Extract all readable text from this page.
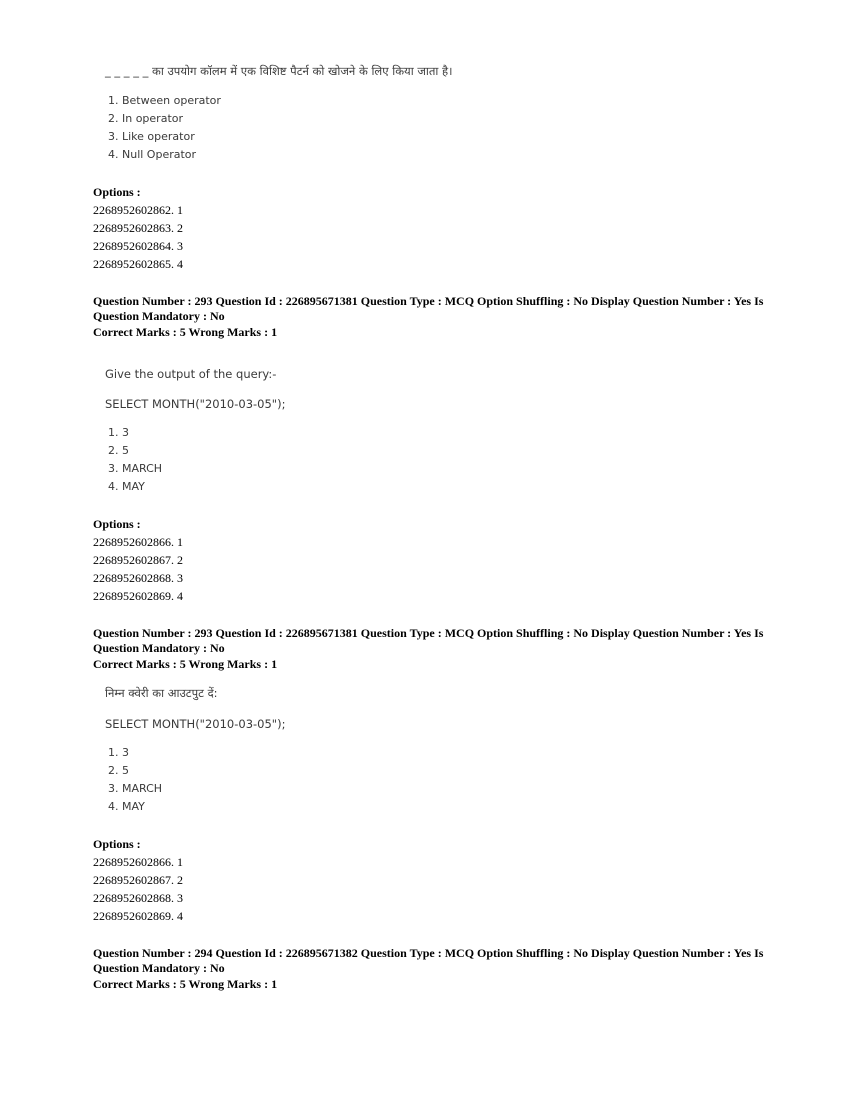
_ _ _ _ _ का उपयोग कॉलम में एक विशिष्ट पैटर्न को खोजने के लिए किया जाता है।
1. Between operator
2. In operator
3. Like operator
4. Null Operator
Options :
2268952602862. 1
2268952602863. 2
2268952602864. 3
2268952602865. 4
Question Number : 293 Question Id : 226895671381 Question Type : MCQ Option Shuffling : No Display Question Number : Yes Is Question Mandatory : No
Correct Marks : 5 Wrong Marks : 1
Give the output of the query:-
SELECT MONTH("2010-03-05");
1. 3
2. 5
3. MARCH
4. MAY
Options :
2268952602866. 1
2268952602867. 2
2268952602868. 3
2268952602869. 4
Question Number : 293 Question Id : 226895671381 Question Type : MCQ Option Shuffling : No Display Question Number : Yes Is Question Mandatory : No
Correct Marks : 5 Wrong Marks : 1
निम्न क्वेरी का आउटपुट दें:
SELECT MONTH("2010-03-05");
1. 3
2. 5
3. MARCH
4. MAY
Options :
2268952602866. 1
2268952602867. 2
2268952602868. 3
2268952602869. 4
Question Number : 294 Question Id : 226895671382 Question Type : MCQ Option Shuffling : No Display Question Number : Yes Is Question Mandatory : No
Correct Marks : 5 Wrong Marks : 1
